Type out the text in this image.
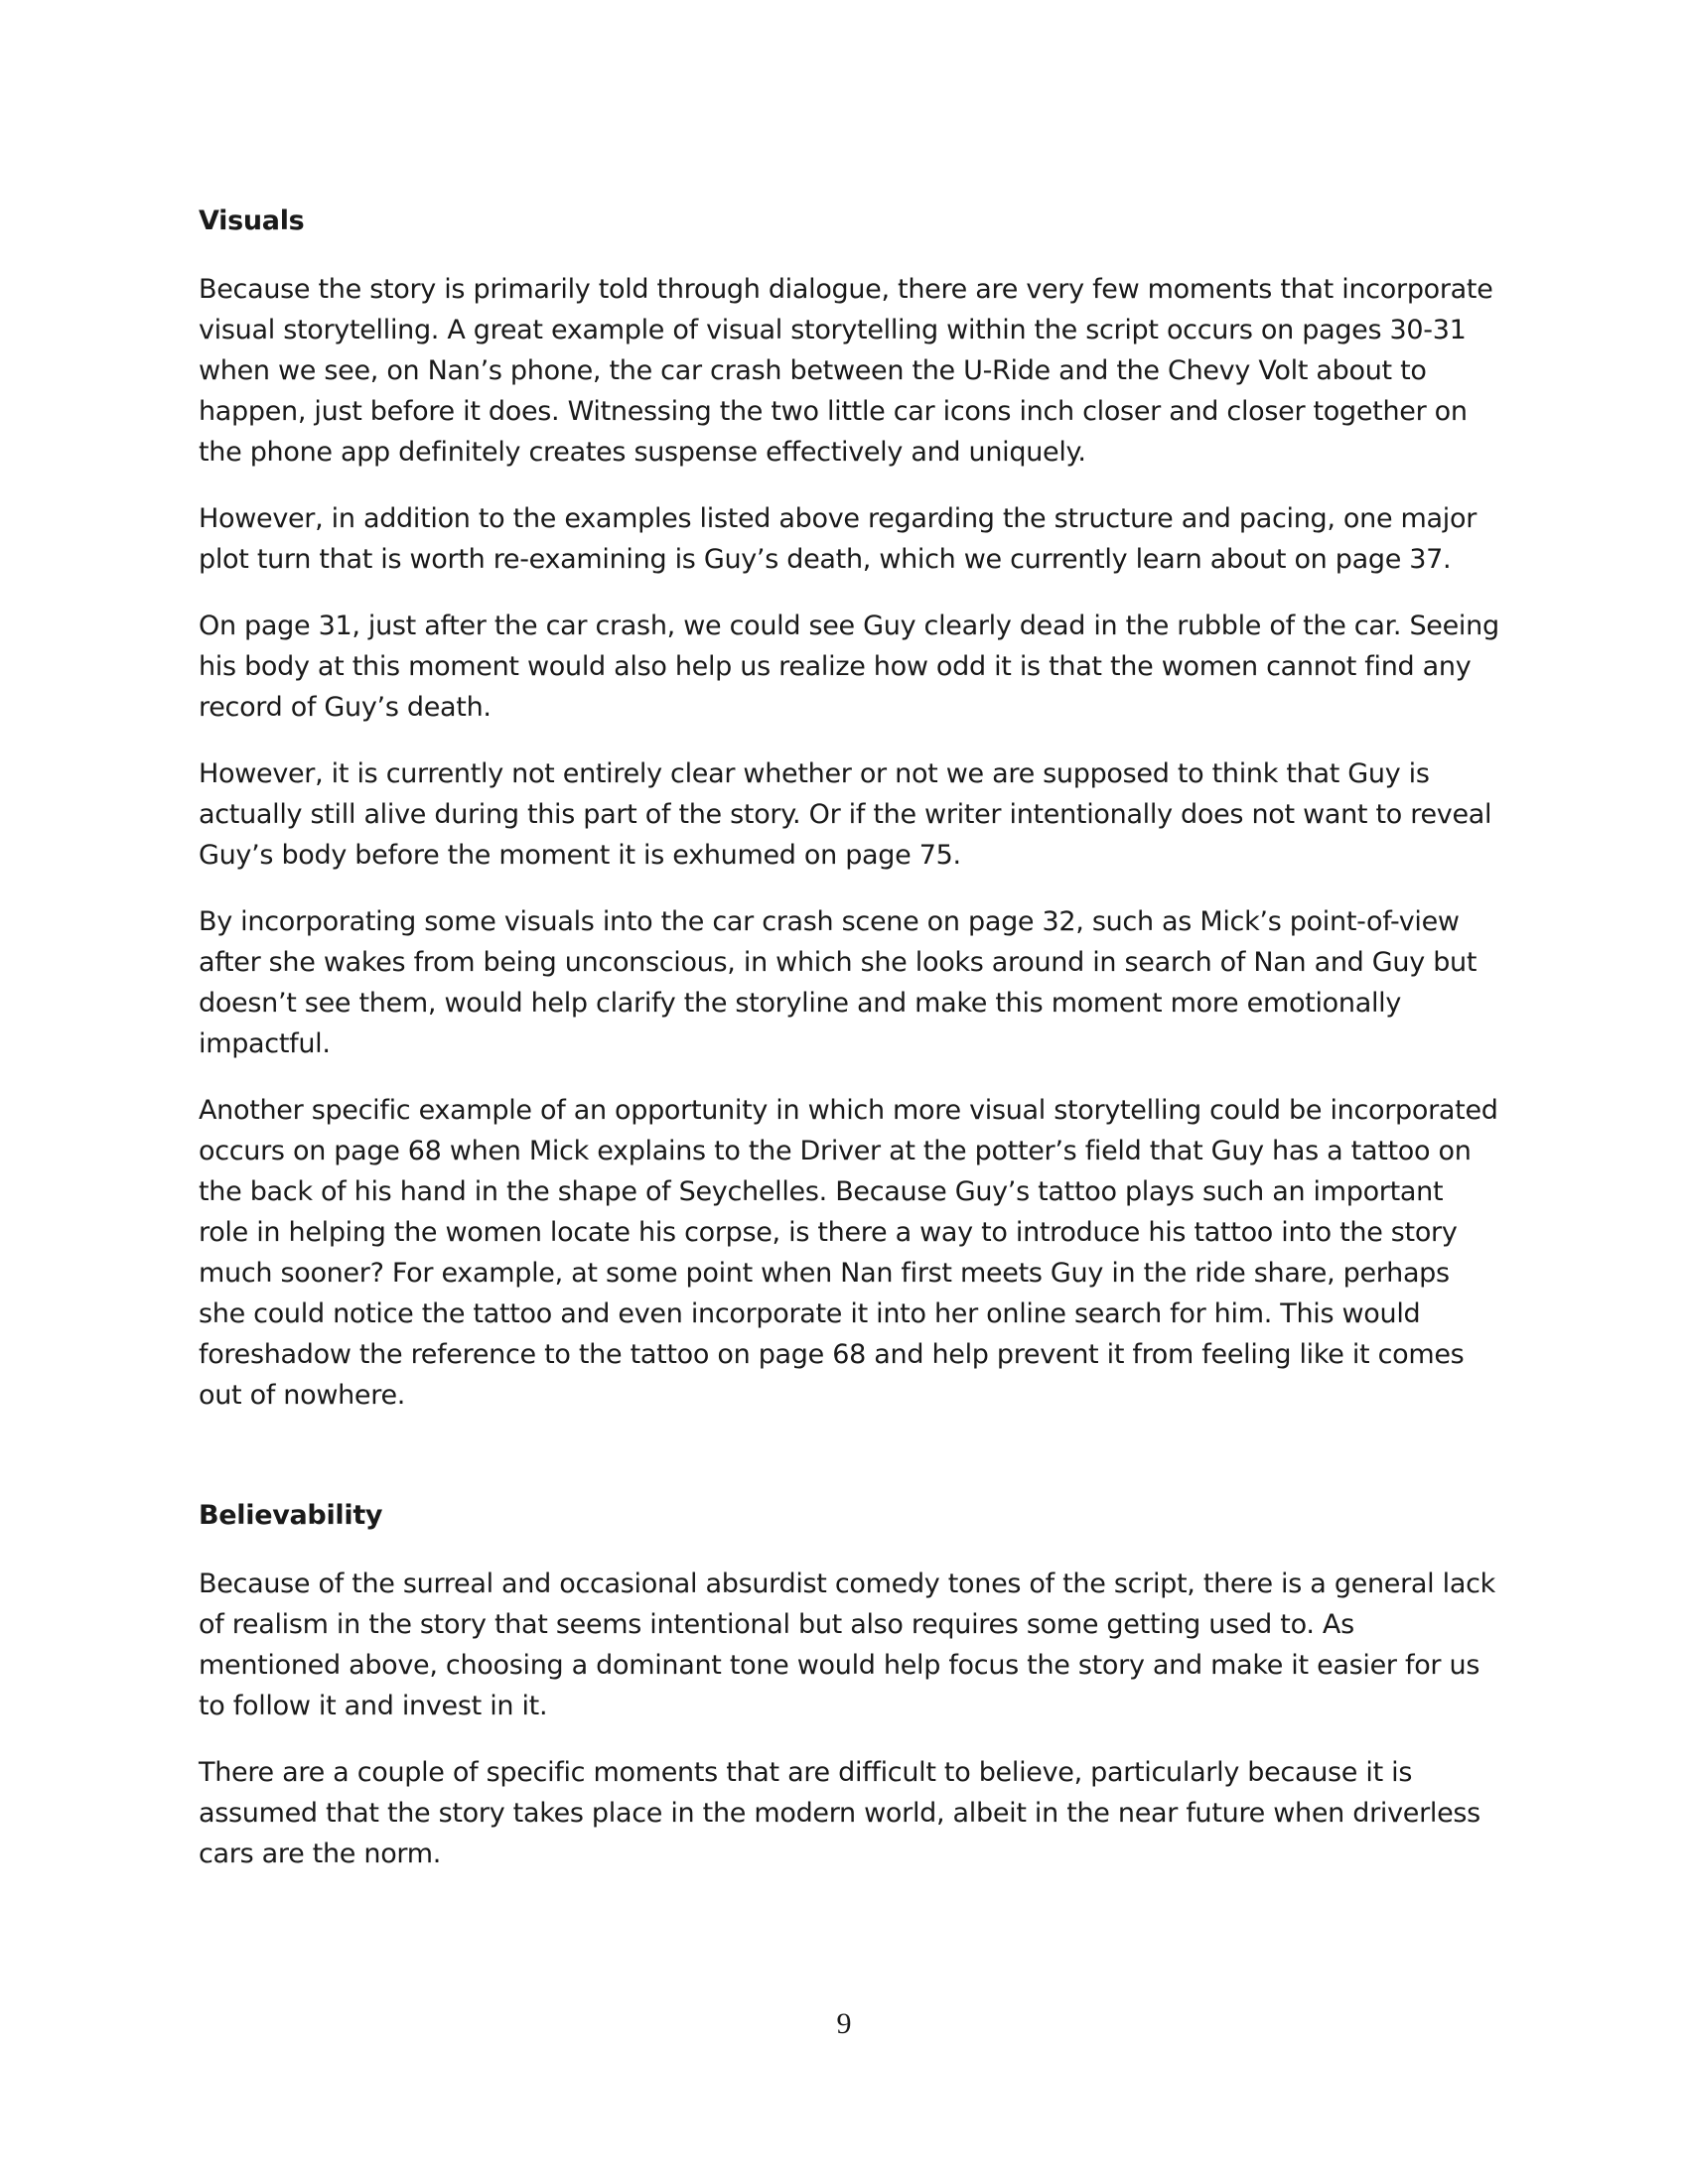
Visuals

Because the story is primarily told through dialogue, there are very few moments that incorporate visual storytelling. A great example of visual storytelling within the script occurs on pages 30-31 when we see, on Nan’s phone, the car crash between the U-Ride and the Chevy Volt about to happen, just before it does. Witnessing the two little car icons inch closer and closer together on the phone app definitely creates suspense effectively and uniquely.

However, in addition to the examples listed above regarding the structure and pacing, one major plot turn that is worth re-examining is Guy’s death, which we currently learn about on page 37.

On page 31, just after the car crash, we could see Guy clearly dead in the rubble of the car. Seeing his body at this moment would also help us realize how odd it is that the women cannot find any record of Guy’s death.

However, it is currently not entirely clear whether or not we are supposed to think that Guy is actually still alive during this part of the story. Or if the writer intentionally does not want to reveal Guy’s body before the moment it is exhumed on page 75.

By incorporating some visuals into the car crash scene on page 32, such as Mick’s point-of-view after she wakes from being unconscious, in which she looks around in search of Nan and Guy but doesn’t see them, would help clarify the storyline and make this moment more emotionally impactful.

Another specific example of an opportunity in which more visual storytelling could be incorporated occurs on page 68 when Mick explains to the Driver at the potter’s field that Guy has a tattoo on the back of his hand in the shape of Seychelles. Because Guy’s tattoo plays such an important role in helping the women locate his corpse, is there a way to introduce his tattoo into the story much sooner? For example, at some point when Nan first meets Guy in the ride share, perhaps she could notice the tattoo and even incorporate it into her online search for him. This would foreshadow the reference to the tattoo on page 68 and help prevent it from feeling like it comes out of nowhere.

Believability

Because of the surreal and occasional absurdist comedy tones of the script, there is a general lack of realism in the story that seems intentional but also requires some getting used to. As mentioned above, choosing a dominant tone would help focus the story and make it easier for us to follow it and invest in it.

There are a couple of specific moments that are difficult to believe, particularly because it is assumed that the story takes place in the modern world, albeit in the near future when driverless cars are the norm.

9
